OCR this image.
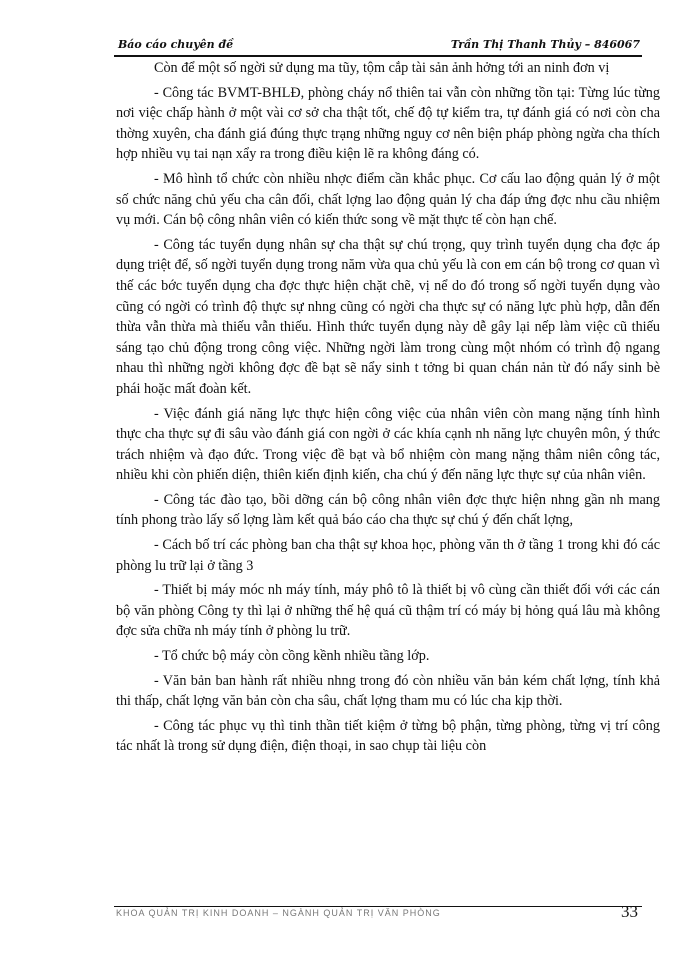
Báo cáo chuyên đề	Trần Thị Thanh Thủy – 846067

Còn để một số ngời sử dụng ma tũy, tộm cắp tài sản ảnh hởng tới an ninh đơn vị

- Công tác BVMT-BHLĐ, phòng cháy nổ thiên tai vẫn còn những tồn tại: Từng lúc từng nơi việc chấp hành ở một vài cơ sở cha thật tốt, chế độ tự kiểm tra, tự đánh giá có nơi còn cha thờng xuyên, cha đánh giá đúng thực trạng những nguy cơ nên biện pháp phòng ngừa cha thích hợp nhiều vụ tai nạn xẩy ra trong điều kiện lẽ ra không đáng có.

- Mô hình tổ chức còn nhiều nhợc điểm cần khắc phục. Cơ cấu lao động quản lý ở một số chức năng chủ yếu cha cân đối, chất lợng lao động quản lý cha đáp ứng đợc nhu cầu nhiệm vụ mới. Cán bộ công nhân viên có kiến thức song về mặt thực tế còn hạn chế.

- Công tác tuyển dụng nhân sự cha thật sự chú trọng, quy trình tuyển dụng cha đợc áp dụng triệt để, số ngời tuyển dụng trong năm vừa qua chủ yếu là con em cán bộ trong cơ quan vì thế các bớc tuyển dụng cha đợc thực hiện chặt chẽ, vị nể do đó trong số ngời tuyển dụng vào cũng có ngời có trình độ thực sự nhng cũng có ngời cha thực sự có năng lực phù hợp, dẫn đến thừa vẫn thừa mà thiếu vẫn thiếu. Hình thức tuyển dụng này dễ gây lại nếp làm việc cũ thiếu sáng tạo chủ động trong công việc. Những ngời làm trong cùng một nhóm có trình độ ngang nhau thì những ngời không đợc đề bạt sẽ nẩy sinh t tởng bi quan chán nản từ đó nẩy sinh bè phái hoặc mất đoàn kết.

- Việc đánh giá năng lực thực hiện công việc của nhân viên còn mang nặng tính hình thực cha thực sự đi sâu vào đánh giá con ngời ở các khía cạnh nh năng lực chuyên môn, ý thức trách nhiệm và đạo đức. Trong việc đề bạt và bổ nhiệm còn mang nặng thâm niên công tác, nhiều khi còn phiến diện, thiên kiến định kiến, cha chú ý đến năng lực thực sự của nhân viên.

- Công tác đào tạo, bồi dỡng cán bộ công nhân viên đợc thực hiện nhng gần nh mang tính phong trào lấy số lợng làm kết quả báo cáo cha thực sự chú ý đến chất lợng,

- Cách bố trí các phòng ban cha thật sự khoa học, phòng văn th ở tầng 1 trong khi đó các phòng lu trữ lại ở tầng 3

- Thiết bị máy móc nh máy tính, máy phô tô là thiết bị vô cùng cần thiết đối với các cán bộ văn phòng Công ty thì lại ở những thế hệ quá cũ thậm trí có máy bị hỏng quá lâu mà không đợc sửa chữa nh máy tính ở phòng lu trữ.

- Tổ chức bộ máy còn cồng kềnh nhiều tầng lớp.

- Văn bản ban hành rất nhiều nhng trong đó còn nhiều văn bản kém chất lợng, tính khả thi thấp, chất lợng văn bản còn cha sâu, chất lợng tham mu có lúc cha kịp thời.

- Công tác phục vụ thì tinh thần tiết kiệm ở từng bộ phận, từng phòng, từng vị trí công tác nhất là trong sử dụng điện, điện thoại, in sao chụp tài liệu còn

KHOA QUẢN TRỊ KINH DOANH – NGÀNH QUẢN TRỊ VĂN PHÒNG	33
